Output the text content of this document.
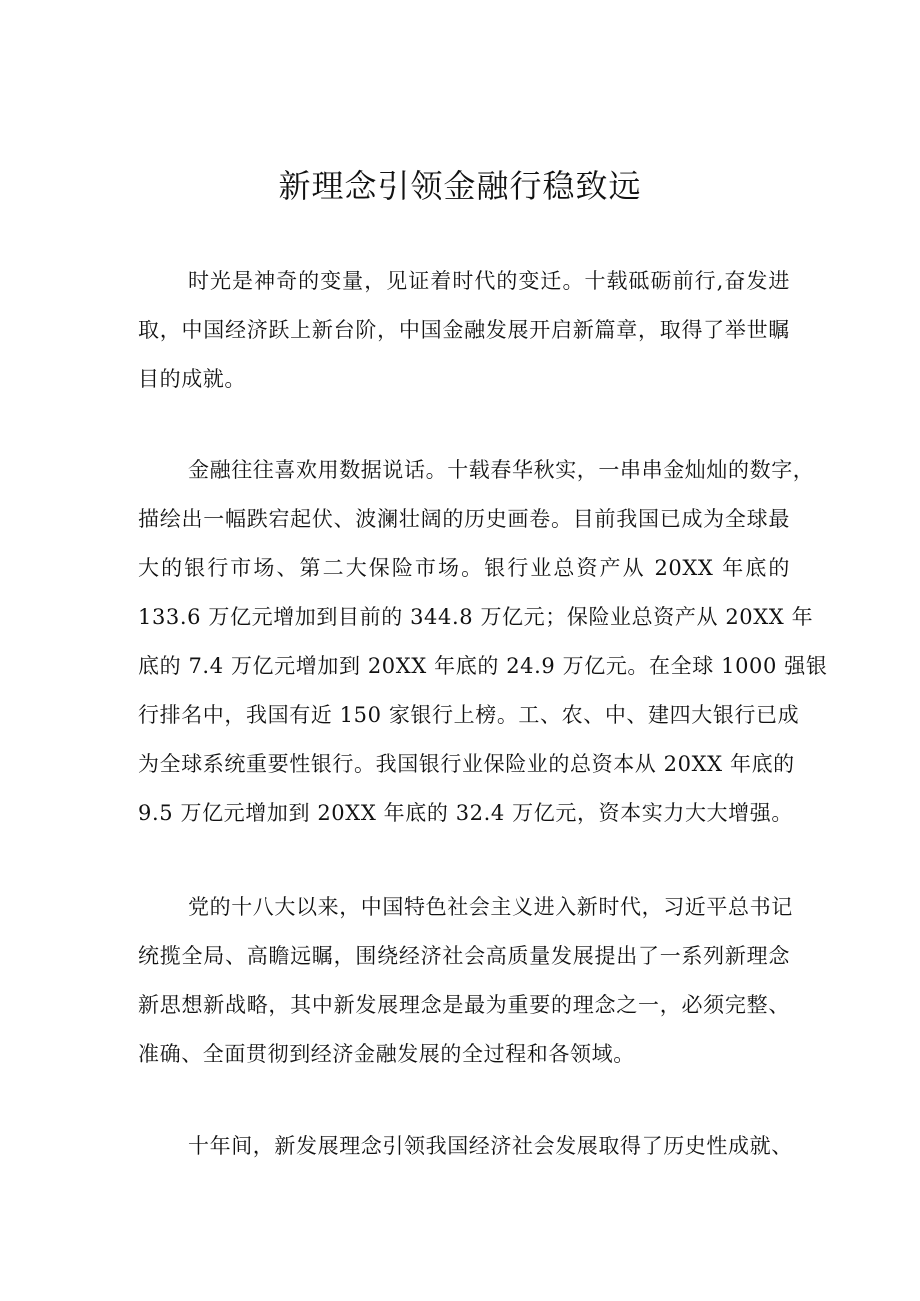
新理念引领金融行稳致远

时光是神奇的变量，见证着时代的变迁。十载砥砺前行,奋发进

取，中国经济跃上新台阶，中国金融发展开启新篇章，取得了举世瞩

目的成就。

金融往往喜欢用数据说话。十载春华秋实，一串串金灿灿的数字，

描绘出一幅跌宕起伏、波澜壮阔的历史画卷。目前我国已成为全球最

大的银行市场、第二大保险市场。银行业总资产从 20XX 年底的

133.6 万亿元增加到目前的 344.8 万亿元；保险业总资产从 20XX 年

底的 7.4 万亿元增加到 20XX 年底的 24.9 万亿元。在全球 1000 强银

行排名中，我国有近 150 家银行上榜。工、农、中、建四大银行已成

为全球系统重要性银行。我国银行业保险业的总资本从 20XX 年底的

9.5 万亿元增加到 20XX 年底的 32.4 万亿元，资本实力大大增强。

党的十八大以来，中国特色社会主义进入新时代，习近平总书记

统揽全局、高瞻远瞩，围绕经济社会高质量发展提出了一系列新理念

新思想新战略，其中新发展理念是最为重要的理念之一，必须完整、

准确、全面贯彻到经济金融发展的全过程和各领域。

十年间，新发展理念引领我国经济社会发展取得了历史性成就、
